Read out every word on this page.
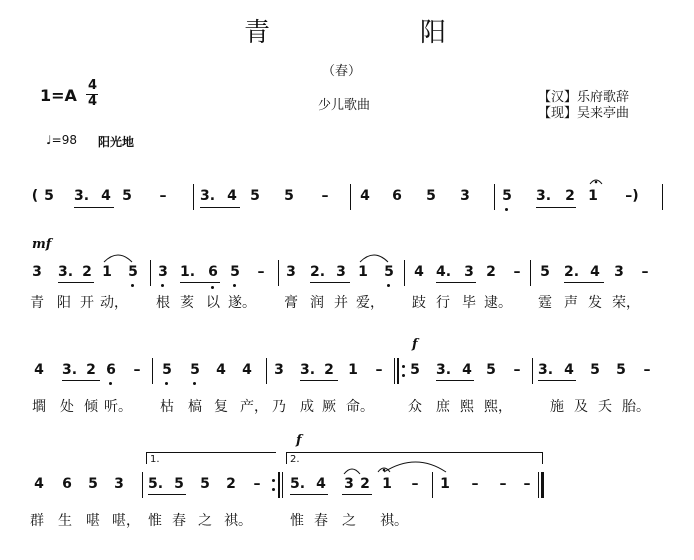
青	阳
（春）
少儿歌曲
【汉】乐府歌辞
【现】吴来亭曲
1=A
4
4
♩=98 阳光地
mf
f
f
( 5 3. 4 5 – 3. 4 5 5 – 4 6 5 3 5 3. 2 1	–)
3 3. 2 1 5 3 1. 6 5 – 3 2. 3 1 5 4 4. 3 2 – 5 2. 4 3 –
青 阳 开 动， 根 荄 以 遂。 膏 润 并 爱， 跂 行 毕 逮。 霆 声 发 荣，
4 3. 2 6 – 5 5 4 4 3 3. 2 1 – 5 3. 4 5 – 3. 4 5 5 –
壛 处 倾 听。 枯 槁 复 产， 乃 成 厥 命。 众 庶 熙 熙，	施 及 夭 胎。
1.	2.
4 6 5 3 5. 5 5 2 – 5. 4 3 2 1 – 1 – – –
群 生 啿 啿， 惟 春 之 祺。	惟 春 之 祺。
